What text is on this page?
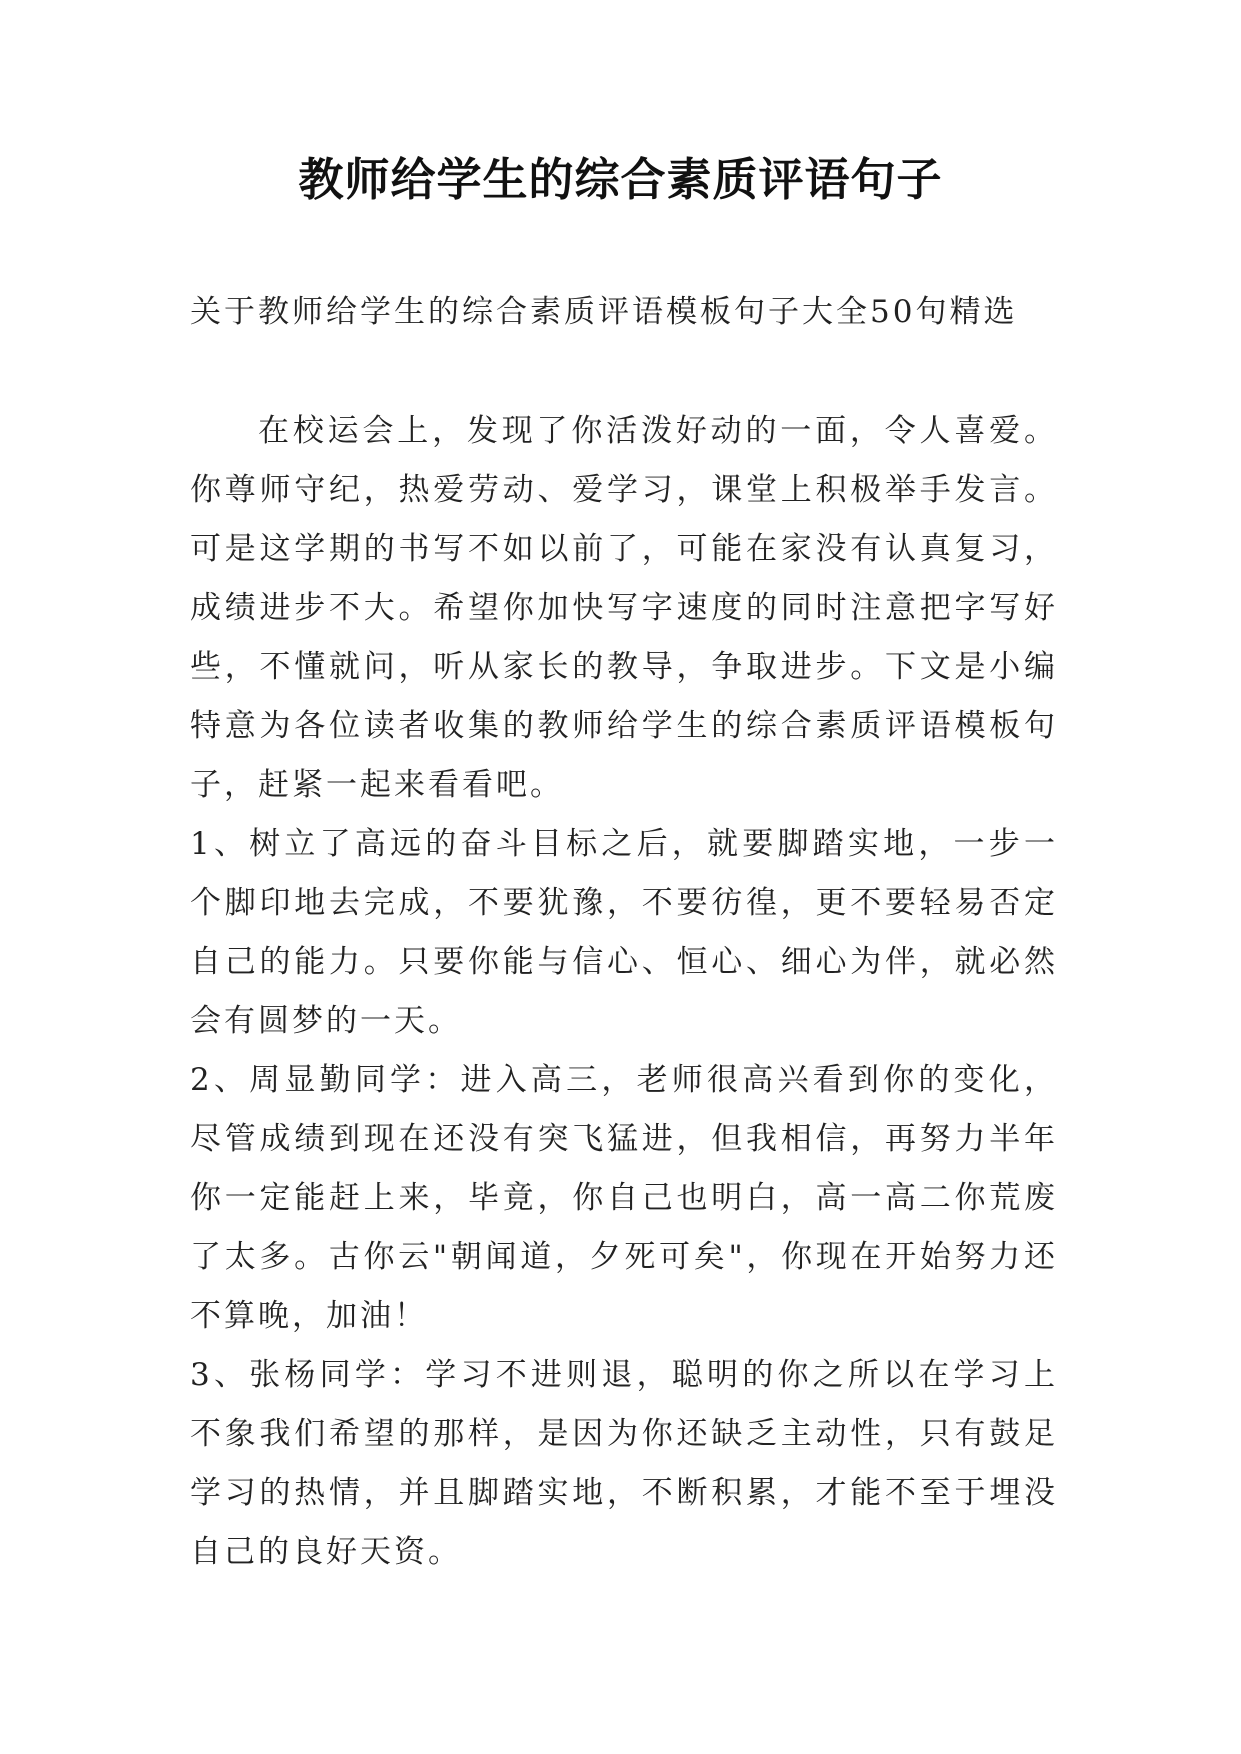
教师给学生的综合素质评语句子
关于教师给学生的综合素质评语模板句子大全50句精选

在校运会上，发现了你活泼好动的一面，令人喜爱。你尊师守纪，热爱劳动、爱学习，课堂上积极举手发言。可是这学期的书写不如以前了，可能在家没有认真复习，成绩进步不大。希望你加快写字速度的同时注意把字写好些，不懂就问，听从家长的教导，争取进步。下文是小编特意为各位读者收集的教师给学生的综合素质评语模板句子，赶紧一起来看看吧。

1、树立了高远的奋斗目标之后，就要脚踏实地，一步一个脚印地去完成，不要犹豫，不要彷徨，更不要轻易否定自己的能力。只要你能与信心、恒心、细心为伴，就必然会有圆梦的一天。

2、周显勤同学：进入高三，老师很高兴看到你的变化，尽管成绩到现在还没有突飞猛进，但我相信，再努力半年你一定能赶上来，毕竟，你自己也明白，高一高二你荒废了太多。古你云"朝闻道，夕死可矣"，你现在开始努力还不算晚，加油！

3、张杨同学：学习不进则退，聪明的你之所以在学习上不象我们希望的那样，是因为你还缺乏主动性，只有鼓足学习的热情，并且脚踏实地，不断积累，才能不至于埋没自己的良好天资。
